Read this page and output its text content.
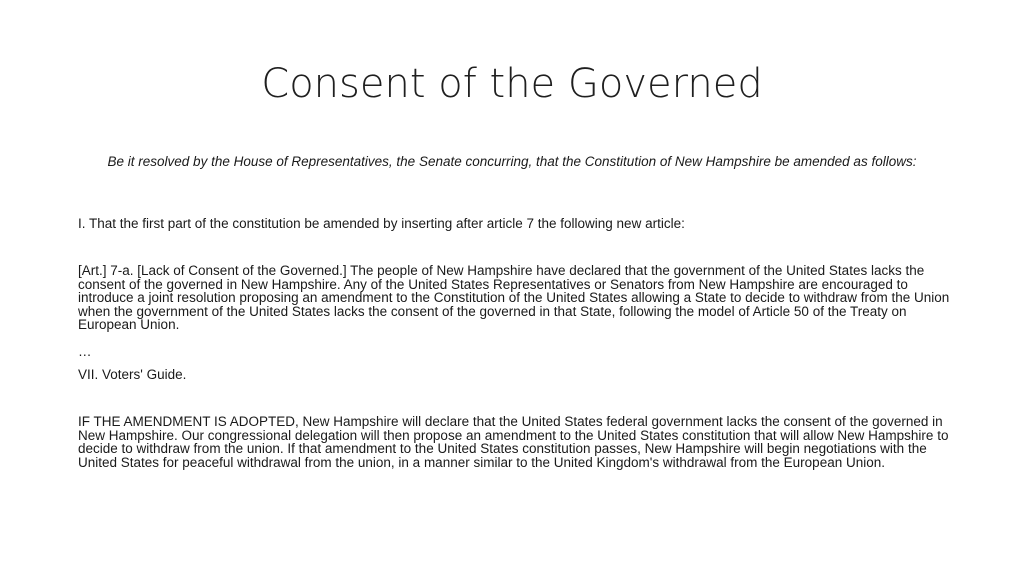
Consent of the Governed
Be it resolved by the House of Representatives, the Senate concurring, that the Constitution of New Hampshire be amended as follows:
I. That the first part of the constitution be amended by inserting after article 7 the following new article:
[Art.] 7-a. [Lack of Consent of the Governed.] The people of New Hampshire have declared that the government of the United States lacks the consent of the governed in New Hampshire. Any of the United States Representatives or Senators from New Hampshire are encouraged to introduce a joint resolution proposing an amendment to the Constitution of the United States allowing a State to decide to withdraw from the Union when the government of the United States lacks the consent of the governed in that State, following the model of Article 50 of the Treaty on European Union.
…
VII. Voters' Guide.
IF THE AMENDMENT IS ADOPTED, New Hampshire will declare that the United States federal government lacks the consent of the governed in New Hampshire. Our congressional delegation will then propose an amendment to the United States constitution that will allow New Hampshire to decide to withdraw from the union. If that amendment to the United States constitution passes, New Hampshire will begin negotiations with the United States for peaceful withdrawal from the union, in a manner similar to the United Kingdom's withdrawal from the European Union.
